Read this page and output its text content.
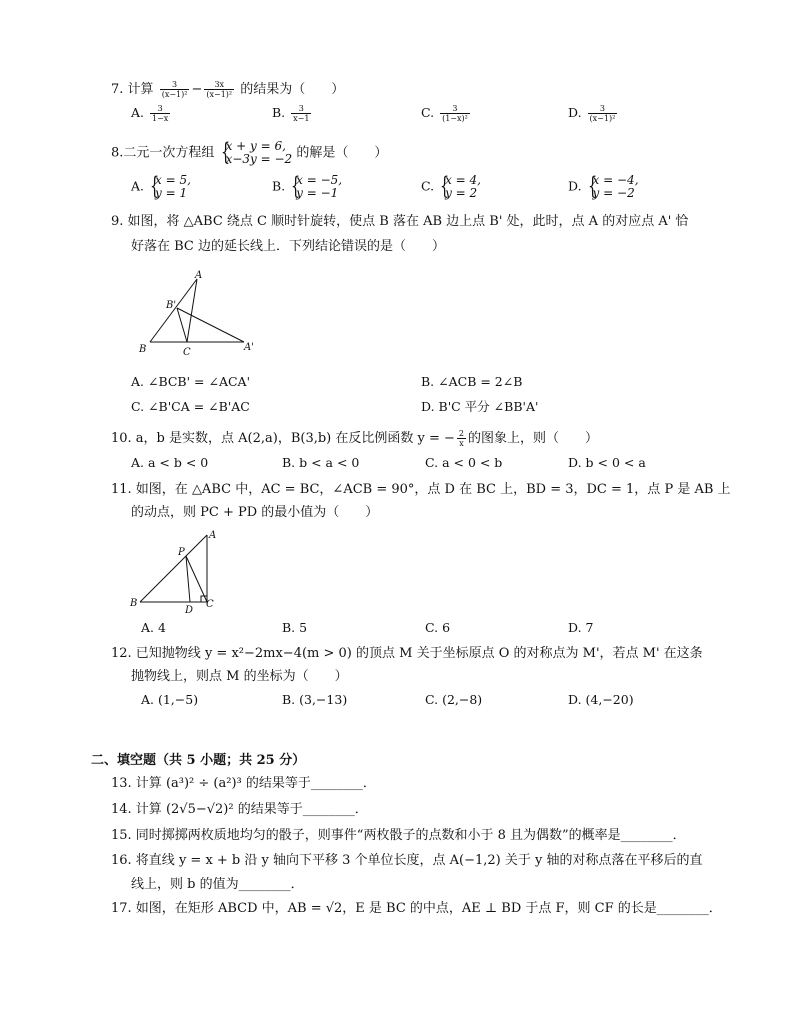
7. 计算 $\frac{3}{\text{(x−1)²}} - \frac{3x}{\text{(x−1)²}}$ 的结果为（　　）
A. $\frac{3}{1-x}$	B. $\frac{3}{x-1}$	C. $\frac{3}{\text{(1−x)²}}$	D. $\frac{3}{\text{(x−1)²}}$
8.二元一次方程组 { x + y = 6,
x−3y = −2 的解是（　　）
A. { x = 5,
y = 1	B. { x = −5,
y = −1	C. { x = 4,
y = 2	D. { x = −4,
y = −2
9. 如图，将 △ABC 绕点 C 顺时针旋转，使点 B 落在 AB 边上点 B' 处，此时，点 A 的对应点 A' 恰
好落在 BC 边的延长线上．下列结论错误的是（　　）
A
B'
B	C	A'
A. ∠BCB' = ∠ACA'	B. ∠ACB = 2∠B
C. ∠B'CA = ∠B'AC	D. B'C 平分 ∠BB'A'
10. a，b 是实数，点 A(2,a)，B(3,b) 在反比例函数 y = − $\frac{2}{x}$ 的图象上，则（　　）
A. a < b < 0	B. b < a < 0	C. a < 0 < b	D. b < 0 < a
11. 如图，在 △ABC 中，AC = BC，∠ACB = 90°，点 D 在 BC 上，BD = 3，DC = 1，点 P 是 AB 上
的动点，则 PC + PD 的最小值为（　　）
A
P
B
D
C
A. 4	B. 5	C. 6	D. 7
12. 已知抛物线 y = x²−2mx−4(m > 0) 的顶点 M 关于坐标原点 O 的对称点为 M'，若点 M' 在这条
抛物线上，则点 M 的坐标为（　　）
A. (1,−5)	B. (3,−13)	C. (2,−8)	D. (4,−20)
二、填空题（共 5 小题；共 25 分）
13. 计算 (a³)² ÷ (a²)³ 的结果等于________．
14. 计算 (2√5−√2)² 的结果等于________．
15. 同时掷掷两枚质地均匀的骰子，则事件“两枚骰子的点数和小于 8 且为偶数”的概率是________．
16. 将直线 y = x + b 沿 y 轴向下平移 3 个单位长度，点 A(−1,2) 关于 y 轴的对称点落在平移后的直
线上，则 b 的值为________．
17. 如图，在矩形 ABCD 中，AB = √2，E 是 BC 的中点，AE ⊥ BD 于点 F，则 CF 的长是________．
